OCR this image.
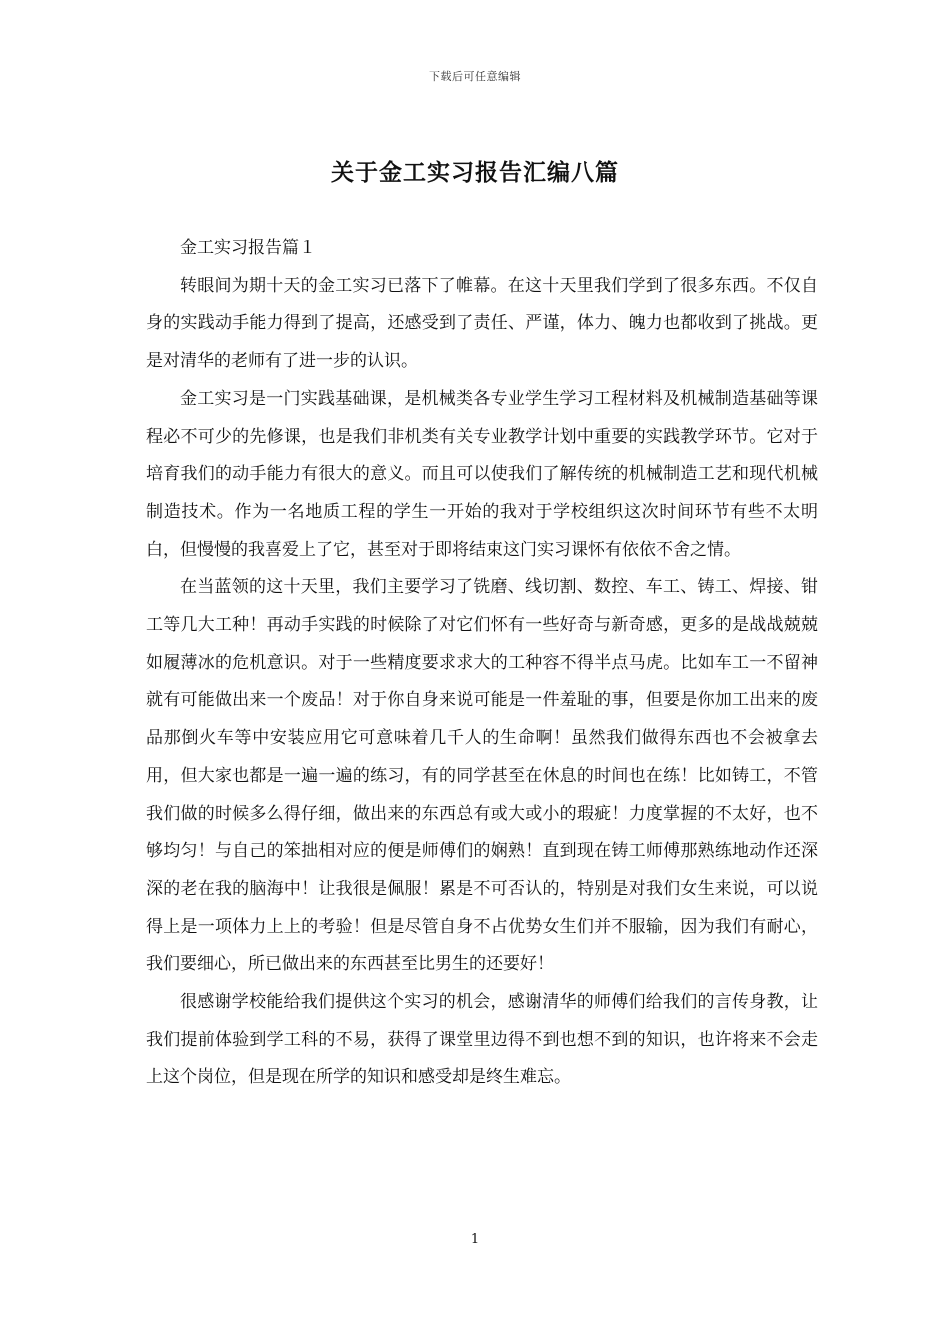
下载后可任意编辑
关于金工实习报告汇编八篇

金工实习报告篇１

转眼间为期十天的金工实习已落下了帷幕。在这十天里我们学到了很多东西。不仅自身的实践动手能力得到了提高，还感受到了责任、严谨，体力、魄力也都收到了挑战。更是对清华的老师有了进一步的认识。

金工实习是一门实践基础课，是机械类各专业学生学习工程材料及机械制造基础等课程必不可少的先修课，也是我们非机类有关专业教学计划中重要的实践教学环节。它对于培育我们的动手能力有很大的意义。而且可以使我们了解传统的机械制造工艺和现代机械制造技术。作为一名地质工程的学生一开始的我对于学校组织这次时间环节有些不太明白，但慢慢的我喜爱上了它，甚至对于即将结束这门实习课怀有依依不舍之情。

在当蓝领的这十天里，我们主要学习了铣磨、线切割、数控、车工、铸工、焊接、钳工等几大工种！再动手实践的时候除了对它们怀有一些好奇与新奇感，更多的是战战兢兢如履薄冰的危机意识。对于一些精度要求求大的工种容不得半点马虎。比如车工一不留神就有可能做出来一个废品！对于你自身来说可能是一件羞耻的事，但要是你加工出来的废品那倒火车等中安装应用它可意味着几千人的生命啊！虽然我们做得东西也不会被拿去用，但大家也都是一遍一遍的练习，有的同学甚至在休息的时间也在练！比如铸工，不管我们做的时候多么得仔细，做出来的东西总有或大或小的瑕疵！力度掌握的不太好，也不够均匀！与自己的笨拙相对应的便是师傅们的娴熟！直到现在铸工师傅那熟练地动作还深深的老在我的脑海中！让我很是佩服！累是不可否认的，特别是对我们女生来说，可以说得上是一项体力上上的考验！但是尽管自身不占优势女生们并不服输，因为我们有耐心，我们要细心，所已做出来的东西甚至比男生的还要好！

很感谢学校能给我们提供这个实习的机会，感谢清华的师傅们给我们的言传身教，让我们提前体验到学工科的不易，获得了课堂里边得不到也想不到的知识，也许将来不会走上这个岗位，但是现在所学的知识和感受却是终生难忘。

1
